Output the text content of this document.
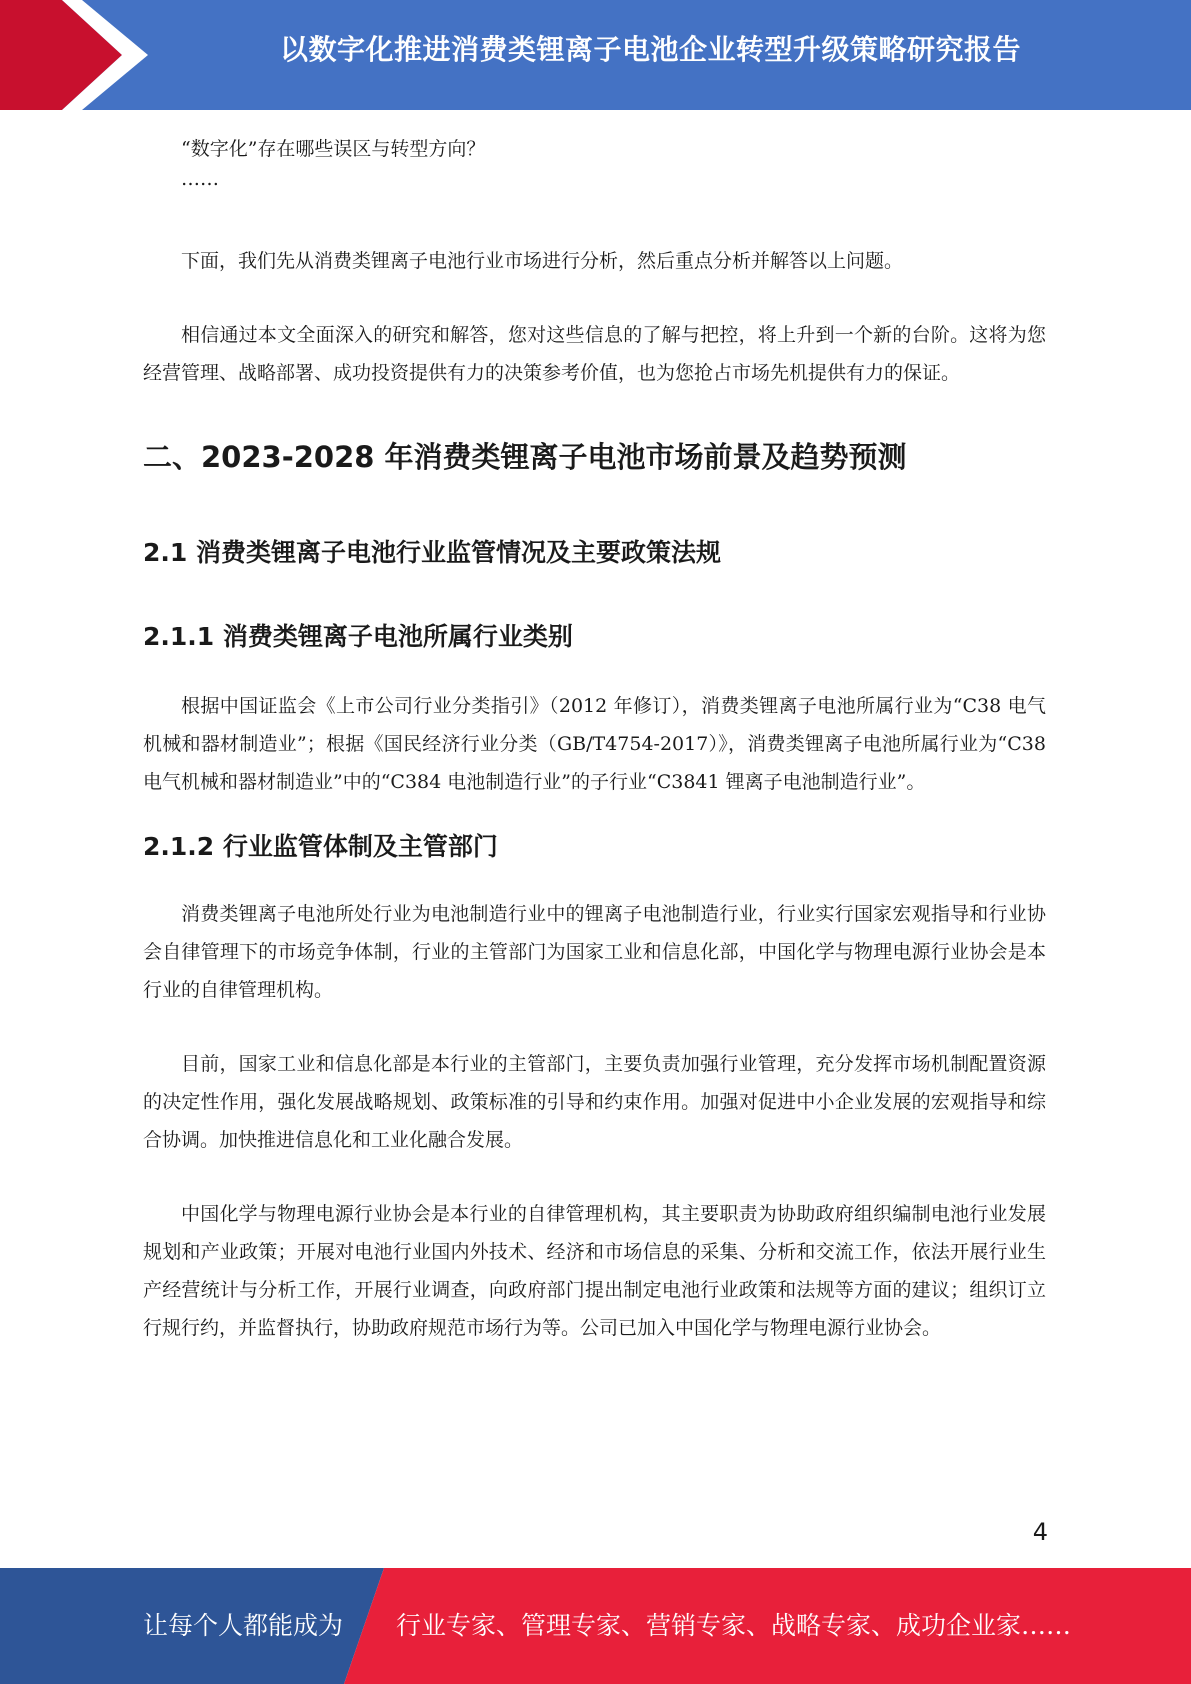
以数字化推进消费类锂离子电池企业转型升级策略研究报告

“数字化”存在哪些误区与转型方向？

……

下面，我们先从消费类锂离子电池行业市场进行分析，然后重点分析并解答以上问题。

相信通过本文全面深入的研究和解答，您对这些信息的了解与把控，将上升到一个新的台阶。这将为您经营管理、战略部署、成功投资提供有力的决策参考价值，也为您抢占市场先机提供有力的保证。

二、2023-2028 年消费类锂离子电池市场前景及趋势预测
2.1 消费类锂离子电池行业监管情况及主要政策法规
2.1.1 消费类锂离子电池所属行业类别

根据中国证监会《上市公司行业分类指引》（2012 年修订），消费类锂离子电池所属行业为“C38 电气机械和器材制造业”；根据《国民经济行业分类（GB/T4754-2017）》，消费类锂离子电池所属行业为“C38 电气机械和器材制造业”中的“C384 电池制造行业”的子行业“C3841 锂离子电池制造行业”。

2.1.2 行业监管体制及主管部门

消费类锂离子电池所处行业为电池制造行业中的锂离子电池制造行业，行业实行国家宏观指导和行业协会自律管理下的市场竞争体制，行业的主管部门为国家工业和信息化部，中国化学与物理电源行业协会是本行业的自律管理机构。

目前，国家工业和信息化部是本行业的主管部门，主要负责加强行业管理，充分发挥市场机制配置资源的决定性作用，强化发展战略规划、政策标准的引导和约束作用。加强对促进中小企业发展的宏观指导和综合协调。加快推进信息化和工业化融合发展。

中国化学与物理电源行业协会是本行业的自律管理机构，其主要职责为协助政府组织编制电池行业发展规划和产业政策；开展对电池行业国内外技术、经济和市场信息的采集、分析和交流工作，依法开展行业生产经营统计与分析工作，开展行业调查，向政府部门提出制定电池行业政策和法规等方面的建议；组织订立行规行约，并监督执行，协助政府规范市场行为等。公司已加入中国化学与物理电源行业协会。

4
让每个人都能成为 行业专家、管理专家、营销专家、战略专家、成功企业家……
